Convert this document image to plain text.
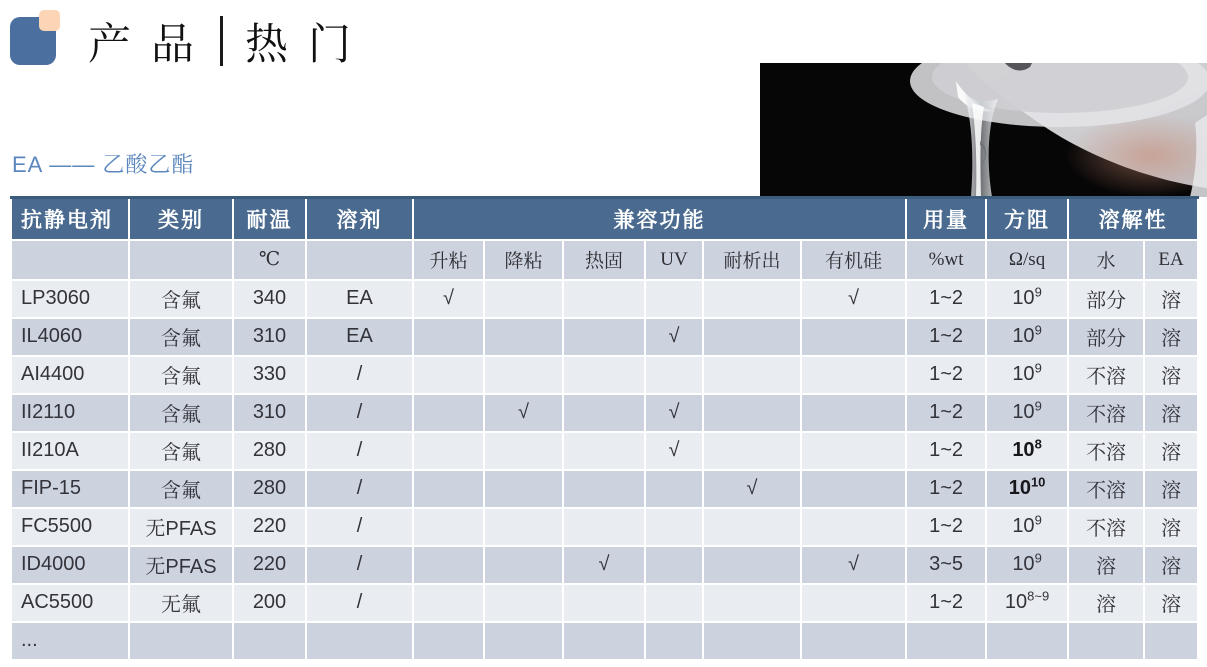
产品 热门
EA —— 乙酸乙酯
抗静电剂	类别	耐温	溶剂	兼容功能						用量	方阻	溶解性	
		℃		升粘	降粘	热固	UV	耐析出	有机硅	%wt	Ω/sq	水	EA
LP3060	含氟	340	EA	√					√	1~2	$10^9$	部分	溶
IL4060	含氟	310	EA				√			1~2	$10^9$	部分	溶
AI4400	含氟	330	/							1~2	$10^9$	不溶	溶
II2110	含氟	310	/		√		√			1~2	$10^9$	不溶	溶
II210A	含氟	280	/				√			1~2	$10^8$	不溶	溶
FIP-15	含氟	280	/					√		1~2	$10^{10}$	不溶	溶
FC5500	无PFAS	220	/							1~2	$10^9$	不溶	溶
ID4000	无PFAS	220	/			√			√	3~5	$10^9$	溶	溶
AC5500	无氟	200	/							1~2	$10^{8\sim 9}$	溶	溶
...													
